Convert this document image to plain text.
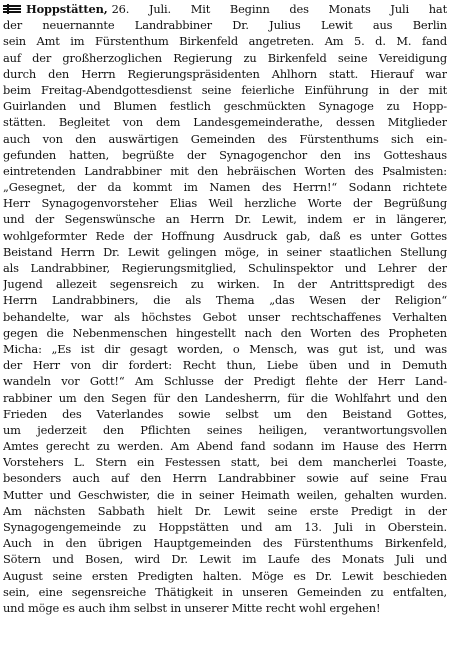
Hoppstätten, 26. Juli. Mit Beginn des Monats Juli hat
der neuernannte Landrabbiner Dr. Julius Lewit aus Berlin
sein Amt im Fürstenthum Birkenfeld angetreten. Am 5. d. M. fand
auf der großherzoglichen Regierung zu Birkenfeld seine Vereidigung
durch den Herrn Regierungspräsidenten Ahlhorn statt. Hierauf war
beim Freitag-Abendgottesdienst seine feierliche Einführung in der mit
Guirlanden und Blumen festlich geschmückten Synagoge zu Hopp-
stätten. Begleitet von dem Landesgemeinderathe, dessen Mitglieder
auch von den auswärtigen Gemeinden des Fürstenthums sich ein-
gefunden hatten, begrüßte der Synagogenchor den ins Gotteshaus
eintretenden Landrabbiner mit den hebräischen Worten des Psalmisten:
„Gesegnet, der da kommt im Namen des Herrn!“ Sodann richtete
Herr Synagogenvorsteher Elias Weil herzliche Worte der Begrüßung
und der Segenswünsche an Herrn Dr. Lewit, indem er in längerer,
wohlgeformter Rede der Hoffnung Ausdruck gab, daß es unter Gottes
Beistand Herrn Dr. Lewit gelingen möge, in seiner staatlichen Stellung
als Landrabbiner, Regierungsmitglied, Schulinspektor und Lehrer der
Jugend allezeit segensreich zu wirken. In der Antrittspredigt des
Herrn Landrabbiners, die als Thema „das Wesen der Religion“
behandelte, war als höchstes Gebot unser rechtschaffenes Verhalten
gegen die Nebenmenschen hingestellt nach den Worten des Propheten
Micha: „Es ist dir gesagt worden, o Mensch, was gut ist, und was
der Herr von dir fordert: Recht thun, Liebe üben und in Demuth
wandeln vor Gott!“ Am Schlusse der Predigt flehte der Herr Land-
rabbiner um den Segen für den Landesherrn, für die Wohlfahrt und den
Frieden des Vaterlandes sowie selbst um den Beistand Gottes,
um jederzeit den Pflichten seines heiligen, verantwortungsvollen
Amtes gerecht zu werden. Am Abend fand sodann im Hause des Herrn
Vorstehers L. Stern ein Festessen statt, bei dem mancherlei Toaste,
besonders auch auf den Herrn Landrabbiner sowie auf seine Frau
Mutter und Geschwister, die in seiner Heimath weilen, gehalten wurden.
Am nächsten Sabbath hielt Dr. Lewit seine erste Predigt in der
Synagogengemeinde zu Hoppstätten und am 13. Juli in Oberstein.
Auch in den übrigen Hauptgemeinden des Fürstenthums Birkenfeld,
Sötern und Bosen, wird Dr. Lewit im Laufe des Monats Juli und
August seine ersten Predigten halten. Möge es Dr. Lewit beschieden
sein, eine segensreiche Thätigkeit in unseren Gemeinden zu entfalten,
und möge es auch ihm selbst in unserer Mitte recht wohl ergehen!
